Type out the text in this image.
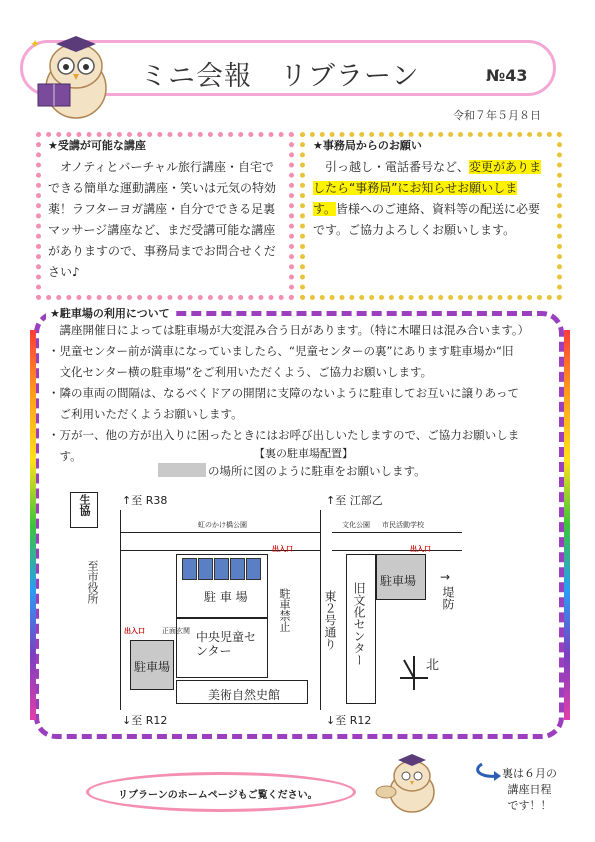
✦
ミニ会報　リブラーン	№43
令和７年５月８日
★受講が可能な講座
　オノティとバーチャル旅行講座・自宅で
できる簡単な運動講座・笑いは元気の特効
薬！ラフターヨガ講座・自分でできる足裏
マッサージ講座など、まだ受講可能な講座
がありますので、事務局までお問合せくだ
さい♪
★事務局からのお願い
　引っ越し・電話番号など、変更がありま
したら“事務局”にお知らせお願いしま
す。皆様へのご連絡、資料等の配送に必要
です。ご協力よろしくお願いします。
★駐車場の利用について
　講座開催日によっては駐車場が大変混み合う日があります。（特に木曜日は混み合います。）
・児童センター前が満車になっていましたら、“児童センターの裏”にあります駐車場か“旧
　文化センター横の駐車場”をご利用いただくよう、ご協力お願いします。
・隣の車両の間隔は、なるべくドアの開閉に支障のないように駐車してお互いに譲りあって
　ご利用いただくようお願いします。
・万が一、他の方が出入りに困ったときにはお呼び出しいたしますので、ご協力お願いしま
　す。	【裏の駐車場配置】
の場所に図のように駐車をお願いします。
↑至 R38	↑至 江部乙
生協
虹のかけ橋公園	文化公園 市民活動学校
至市役所	駐 車 場
出入口
駐車禁止
中央児童センター
出入口 正面玄関
駐車場
美術自然史館
↓至 R12
東２号通り 旧文化センター
駐車場
出入口
→
堤防
北
↓至 R12
リブラーンのホームページもご覧ください。
裏は６月の
講座日程
です！！
